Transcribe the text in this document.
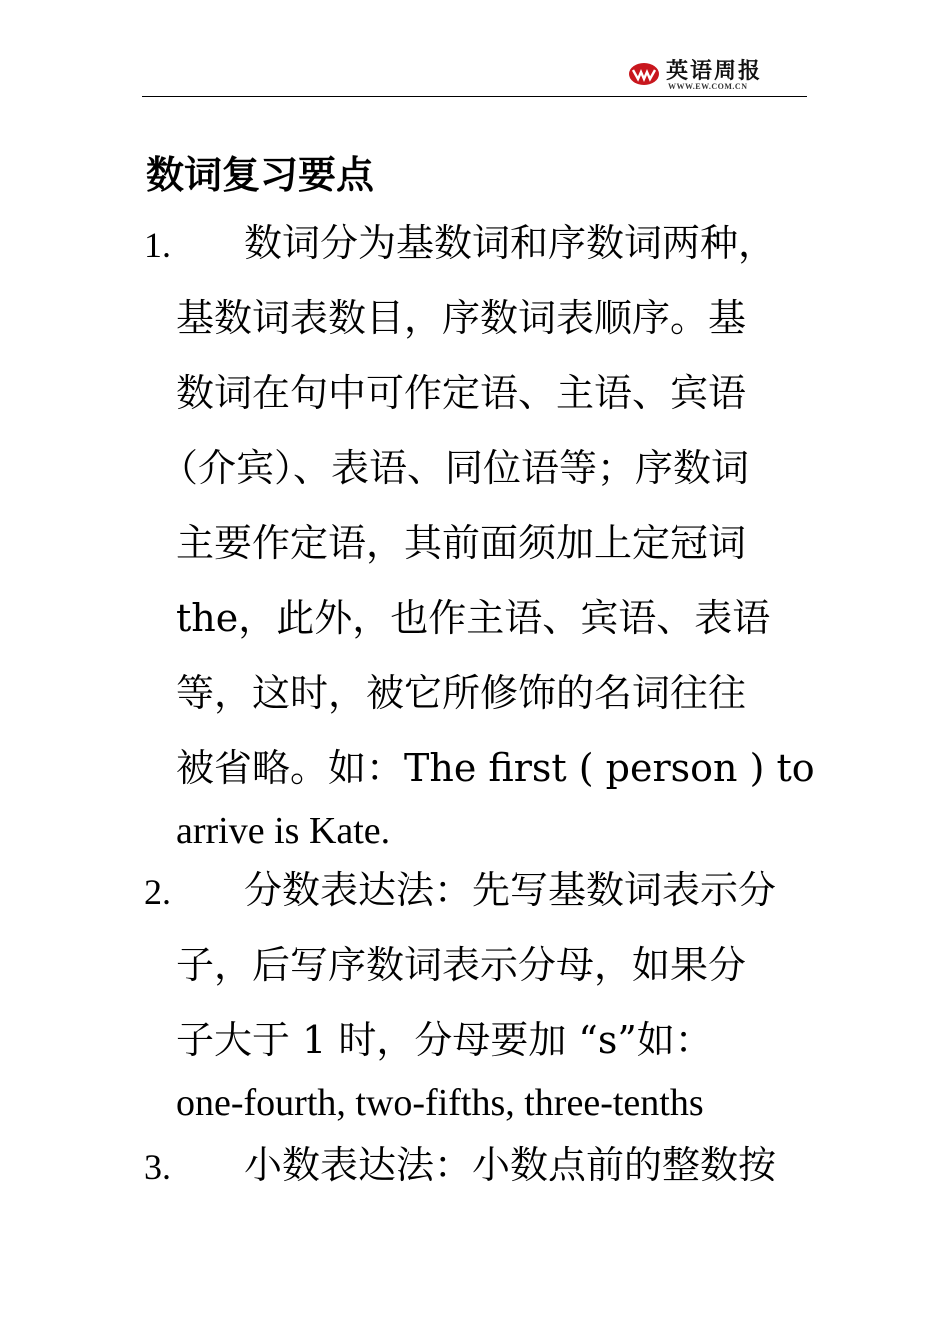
英语周报
WWW.EW.COM.CN
数词复习要点
1. 数词分为基数词和序数词两种，
基数词表数目，序数词表顺序。基
数词在句中可作定语、主语、宾语
（介宾）、表语、同位语等；序数词
主要作定语，其前面须加上定冠词
the，此外，也作主语、宾语、表语
等，这时，被它所修饰的名词往往
被省略。如：The first ( person ) to
arrive is Kate.
2. 分数表达法：先写基数词表示分
子，后写序数词表示分母，如果分
子大于 1 时，分母要加 “s”如：
one-fourth, two-fifths, three-tenths
3. 小数表达法：小数点前的整数按
